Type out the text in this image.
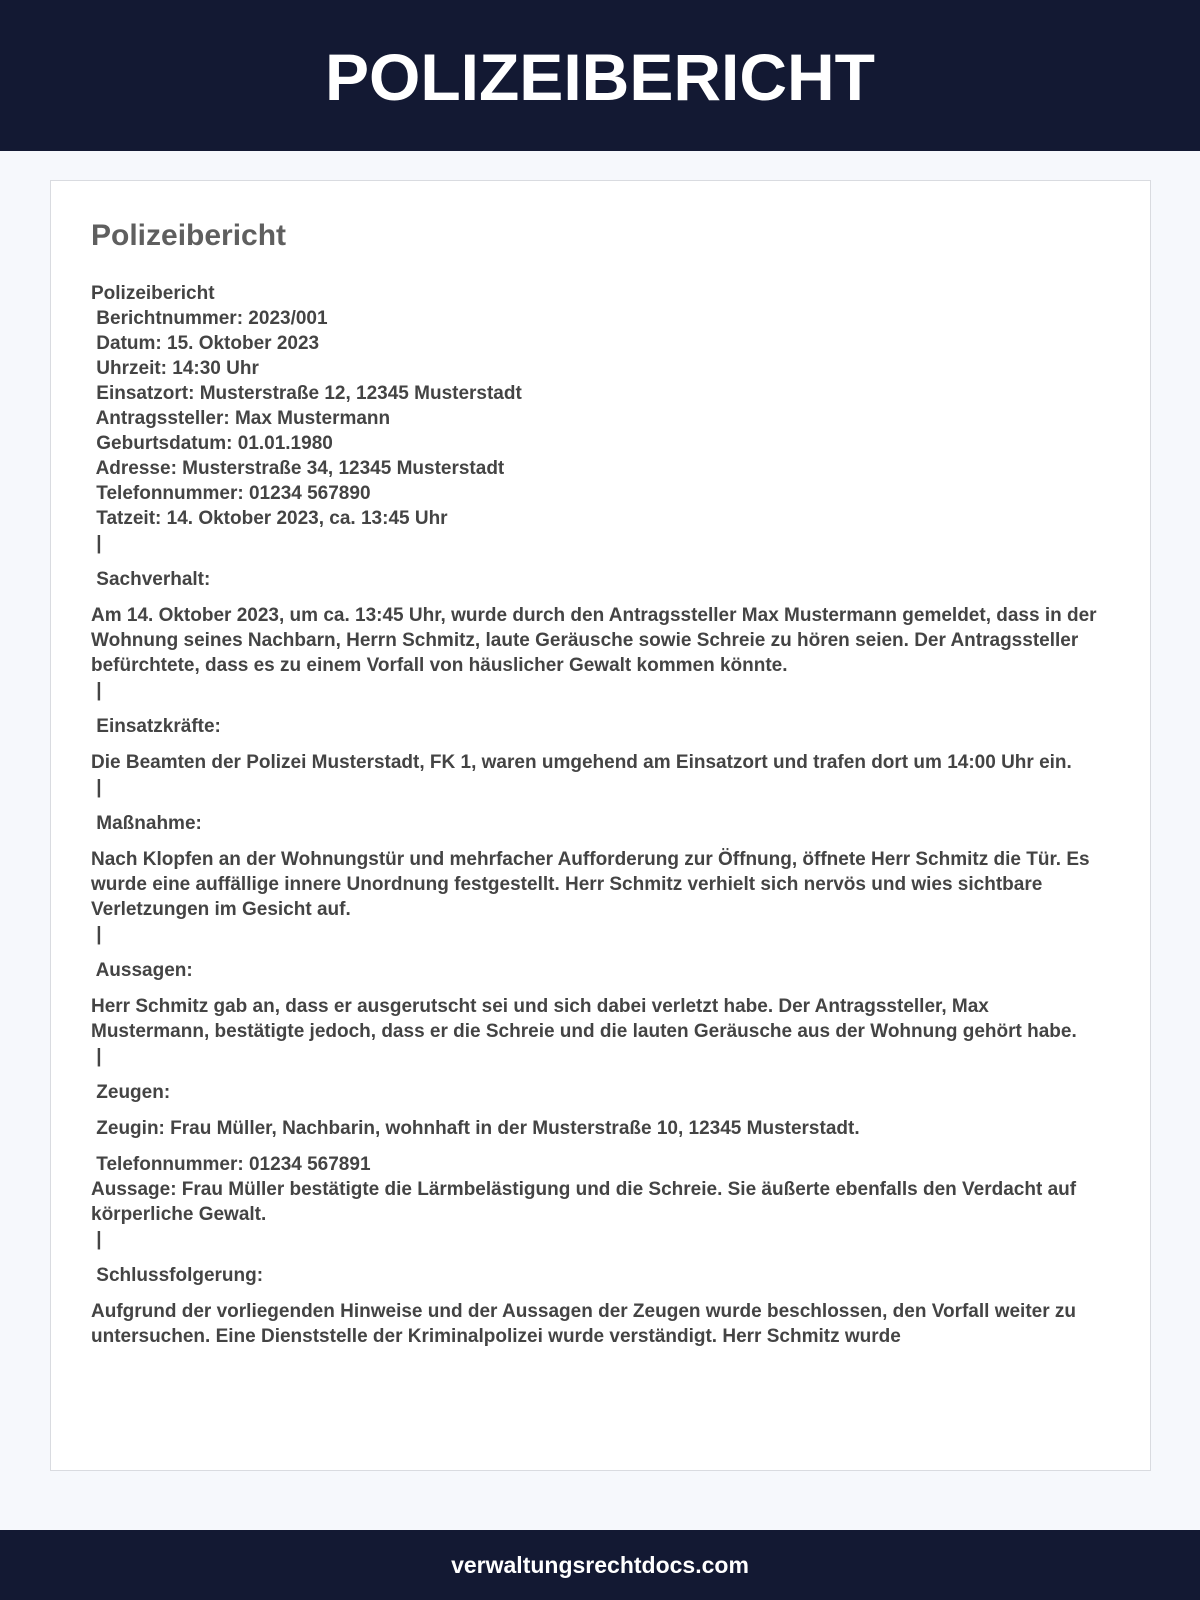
POLIZEIBERICHT
Polizeibericht
Polizeibericht
Berichtnummer: 2023/001
Datum: 15. Oktober 2023
Uhrzeit: 14:30 Uhr
Einsatzort: Musterstraße 12, 12345 Musterstadt
Antragssteller: Max Mustermann
Geburtsdatum: 01.01.1980
Adresse: Musterstraße 34, 12345 Musterstadt
Telefonnummer: 01234 567890
Tatzeit: 14. Oktober 2023, ca. 13:45 Uhr
|
Sachverhalt:
Am 14. Oktober 2023, um ca. 13:45 Uhr, wurde durch den Antragssteller Max Mustermann gemeldet, dass in der Wohnung seines Nachbarn, Herrn Schmitz, laute Geräusche sowie Schreie zu hören seien. Der Antragssteller befürchtete, dass es zu einem Vorfall von häuslicher Gewalt kommen könnte.
|
Einsatzkräfte:
Die Beamten der Polizei Musterstadt, FK 1, waren umgehend am Einsatzort und trafen dort um 14:00 Uhr ein.
|
Maßnahme:
Nach Klopfen an der Wohnungstür und mehrfacher Aufforderung zur Öffnung, öffnete Herr Schmitz die Tür. Es wurde eine auffällige innere Unordnung festgestellt. Herr Schmitz verhielt sich nervös und wies sichtbare Verletzungen im Gesicht auf.
|
Aussagen:
Herr Schmitz gab an, dass er ausgerutscht sei und sich dabei verletzt habe. Der Antragssteller, Max Mustermann, bestätigte jedoch, dass er die Schreie und die lauten Geräusche aus der Wohnung gehört habe.
|
Zeugen:
Zeugin: Frau Müller, Nachbarin, wohnhaft in der Musterstraße 10, 12345 Musterstadt.
Telefonnummer: 01234 567891
Aussage: Frau Müller bestätigte die Lärmbelästigung und die Schreie. Sie äußerte ebenfalls den Verdacht auf körperliche Gewalt.
|
Schlussfolgerung:
Aufgrund der vorliegenden Hinweise und der Aussagen der Zeugen wurde beschlossen, den Vorfall weiter zu untersuchen. Eine Dienststelle der Kriminalpolizei wurde verständigt. Herr Schmitz wurde
verwaltungsrechtdocs.com
